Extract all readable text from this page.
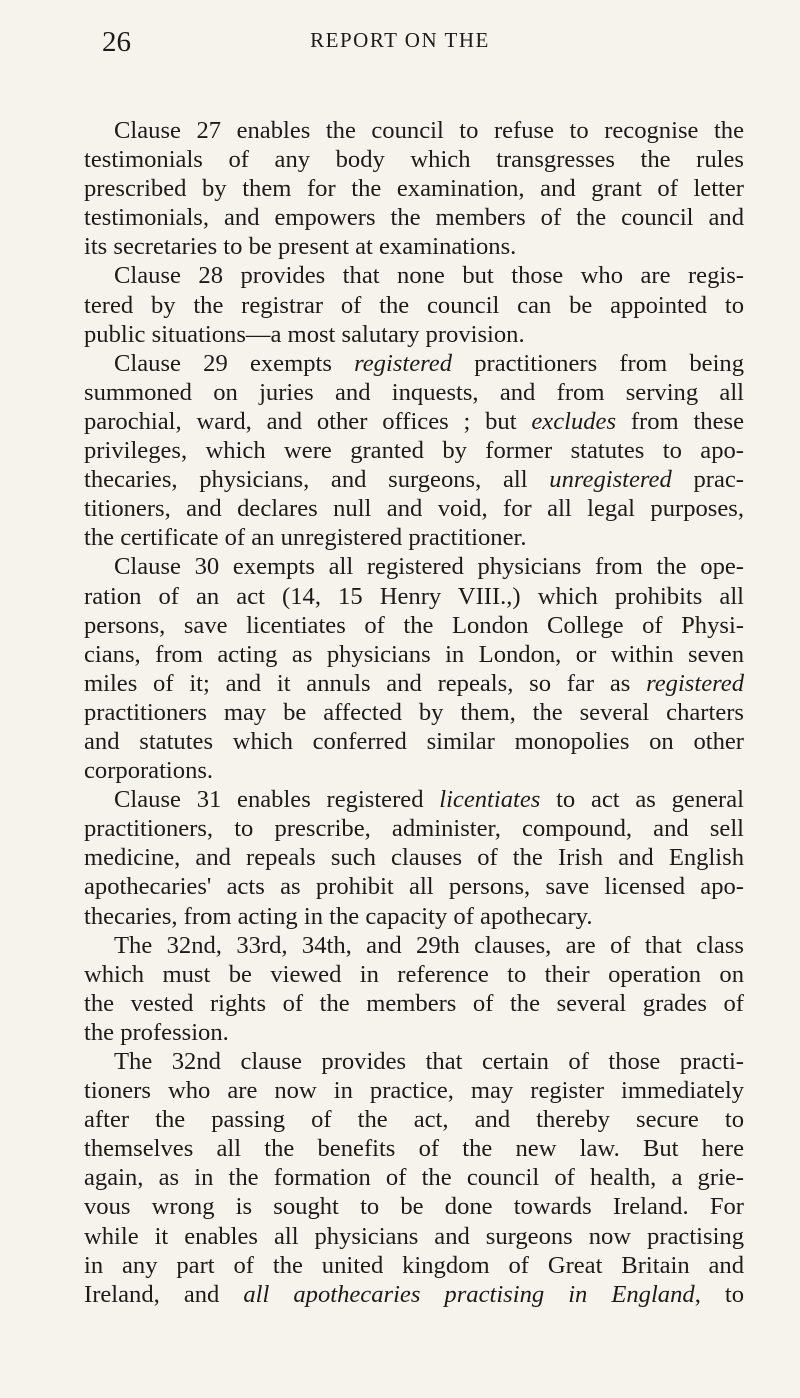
26	REPORT ON THE
Clause 27 enables the council to refuse to recognise the
testimonials of any body which transgresses the rules
prescribed by them for the examination, and grant of letter
testimonials, and empowers the members of the council and
its secretaries to be present at examinations.
Clause 28 provides that none but those who are regis-
tered by the registrar of the council can be appointed to
public situations—a most salutary provision.
Clause 29 exempts registered practitioners from being
summoned on juries and inquests, and from serving all
parochial, ward, and other offices ; but excludes from these
privileges, which were granted by former statutes to apo-
thecaries, physicians, and surgeons, all unregistered prac-
titioners, and declares null and void, for all legal purposes,
the certificate of an unregistered practitioner.
Clause 30 exempts all registered physicians from the ope-
ration of an act (14, 15 Henry VIII.,) which prohibits all
persons, save licentiates of the London College of Physi-
cians, from acting as physicians in London, or within seven
miles of it; and it annuls and repeals, so far as registered
practitioners may be affected by them, the several charters
and statutes which conferred similar monopolies on other
corporations.
Clause 31 enables registered licentiates to act as general
practitioners, to prescribe, administer, compound, and sell
medicine, and repeals such clauses of the Irish and English
apothecaries' acts as prohibit all persons, save licensed apo-
thecaries, from acting in the capacity of apothecary.
The 32nd, 33rd, 34th, and 29th clauses, are of that class
which must be viewed in reference to their operation on
the vested rights of the members of the several grades of
the profession.
The 32nd clause provides that certain of those practi-
tioners who are now in practice, may register immediately
after the passing of the act, and thereby secure to
themselves all the benefits of the new law. But here
again, as in the formation of the council of health, a grie-
vous wrong is sought to be done towards Ireland. For
while it enables all physicians and surgeons now practising
in any part of the united kingdom of Great Britain and
Ireland, and all apothecaries practising in England, to
